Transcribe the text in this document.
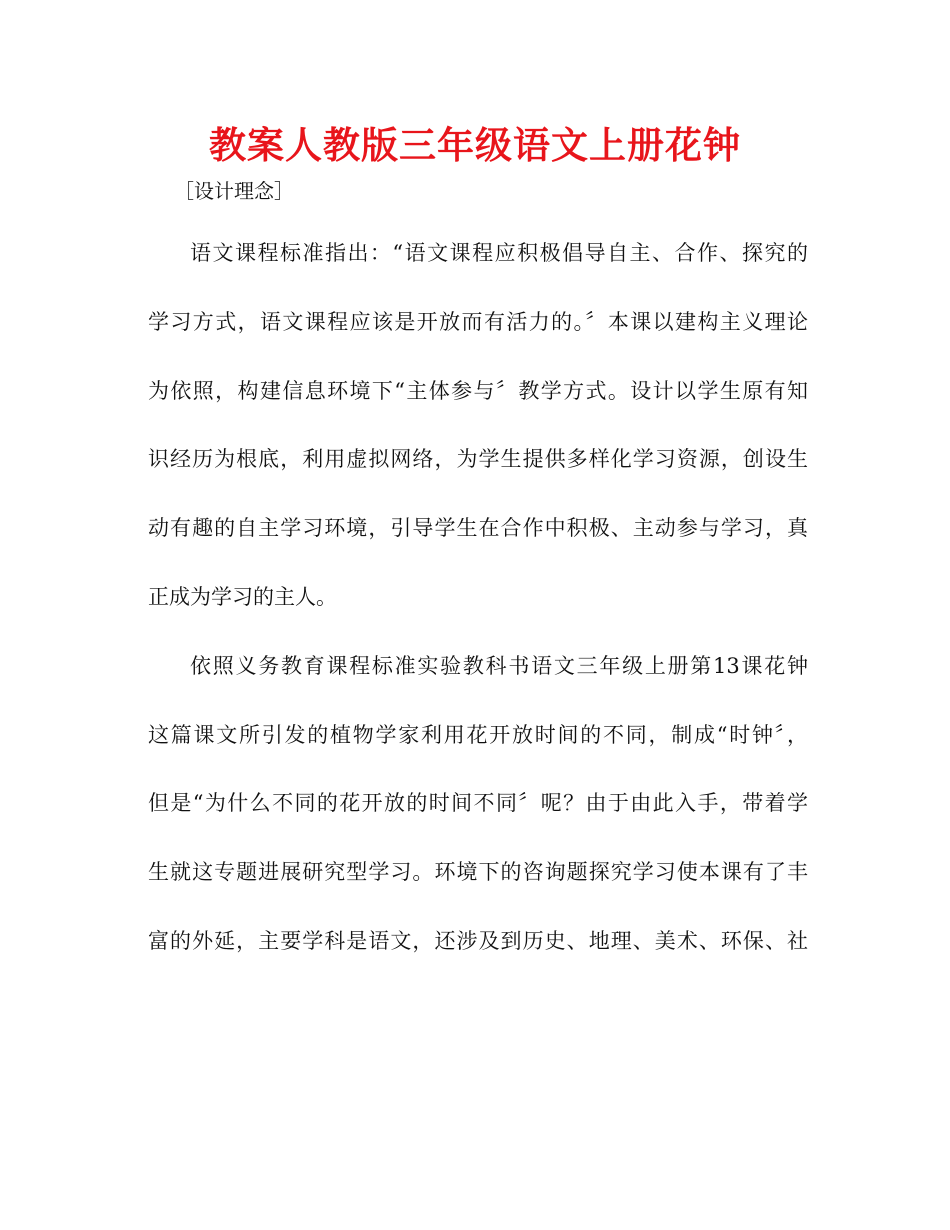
教案人教版三年级语文上册花钟

［设计理念］

语文课程标准指出：“语文课程应积极倡导自主、合作、探究的

学习方式，语文课程应该是开放而有活力的。〞本课以建构主义理论

为依照，构建信息环境下“主体参与〞教学方式。设计以学生原有知

识经历为根底，利用虚拟网络，为学生提供多样化学习资源，创设生

动有趣的自主学习环境，引导学生在合作中积极、主动参与学习，真

正成为学习的主人。

依照义务教育课程标准实验教科书语文三年级上册第13课花钟

这篇课文所引发的植物学家利用花开放时间的不同，制成“时钟〞，

但是“为什么不同的花开放的时间不同〞呢？由于由此入手，带着学

生就这专题进展研究型学习。环境下的咨询题探究学习使本课有了丰

富的外延，主要学科是语文，还涉及到历史、地理、美术、环保、社
